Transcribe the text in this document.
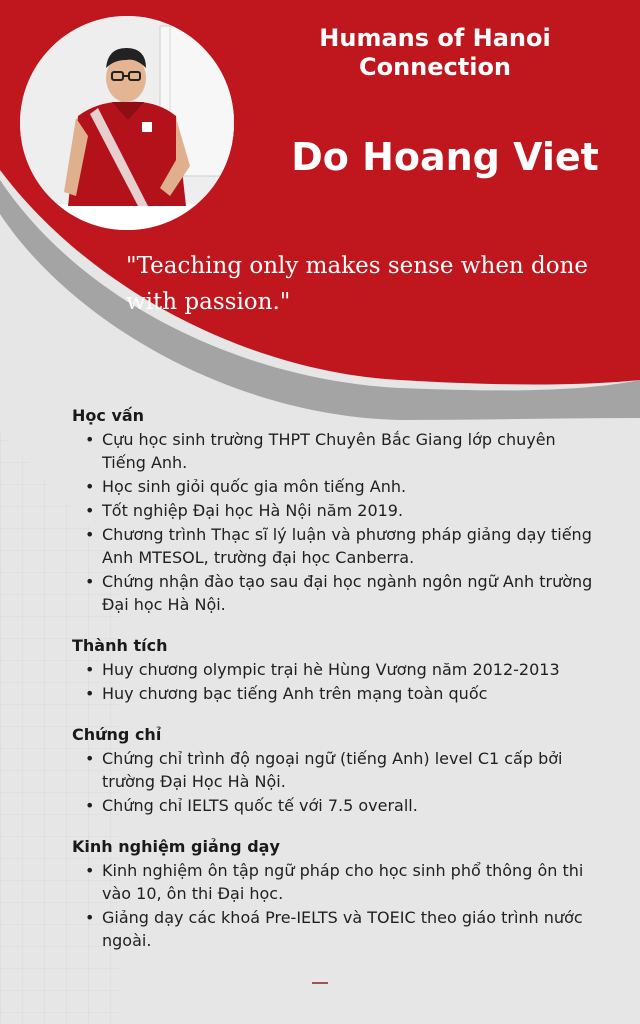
Humans of Hanoi
Connection
Do Hoang Viet
"Teaching only makes sense when done with passion."
Học vấn
• Cựu học sinh trường THPT Chuyên Bắc Giang lớp chuyên Tiếng Anh.
• Học sinh giỏi quốc gia môn tiếng Anh.
• Tốt nghiệp Đại học Hà Nội năm 2019.
• Chương trình Thạc sĩ lý luận và phương pháp giảng dạy tiếng Anh MTESOL, trường đại học Canberra.
• Chứng nhận đào tạo sau đại học ngành ngôn ngữ Anh trường Đại học Hà Nội.
Thành tích
• Huy chương olympic trại hè Hùng Vương năm 2012-2013
• Huy chương bạc tiếng Anh trên mạng toàn quốc
Chứng chỉ
• Chứng chỉ trình độ ngoại ngữ (tiếng Anh) level C1 cấp bởi trường Đại Học Hà Nội.
• Chứng chỉ IELTS quốc tế với 7.5 overall.
Kinh nghiệm giảng dạy
• Kinh nghiệm ôn tập ngữ pháp cho học sinh phổ thông ôn thi vào 10, ôn thi Đại học.
• Giảng dạy các khoá Pre-IELTS và TOEIC theo giáo trình nước ngoài.
